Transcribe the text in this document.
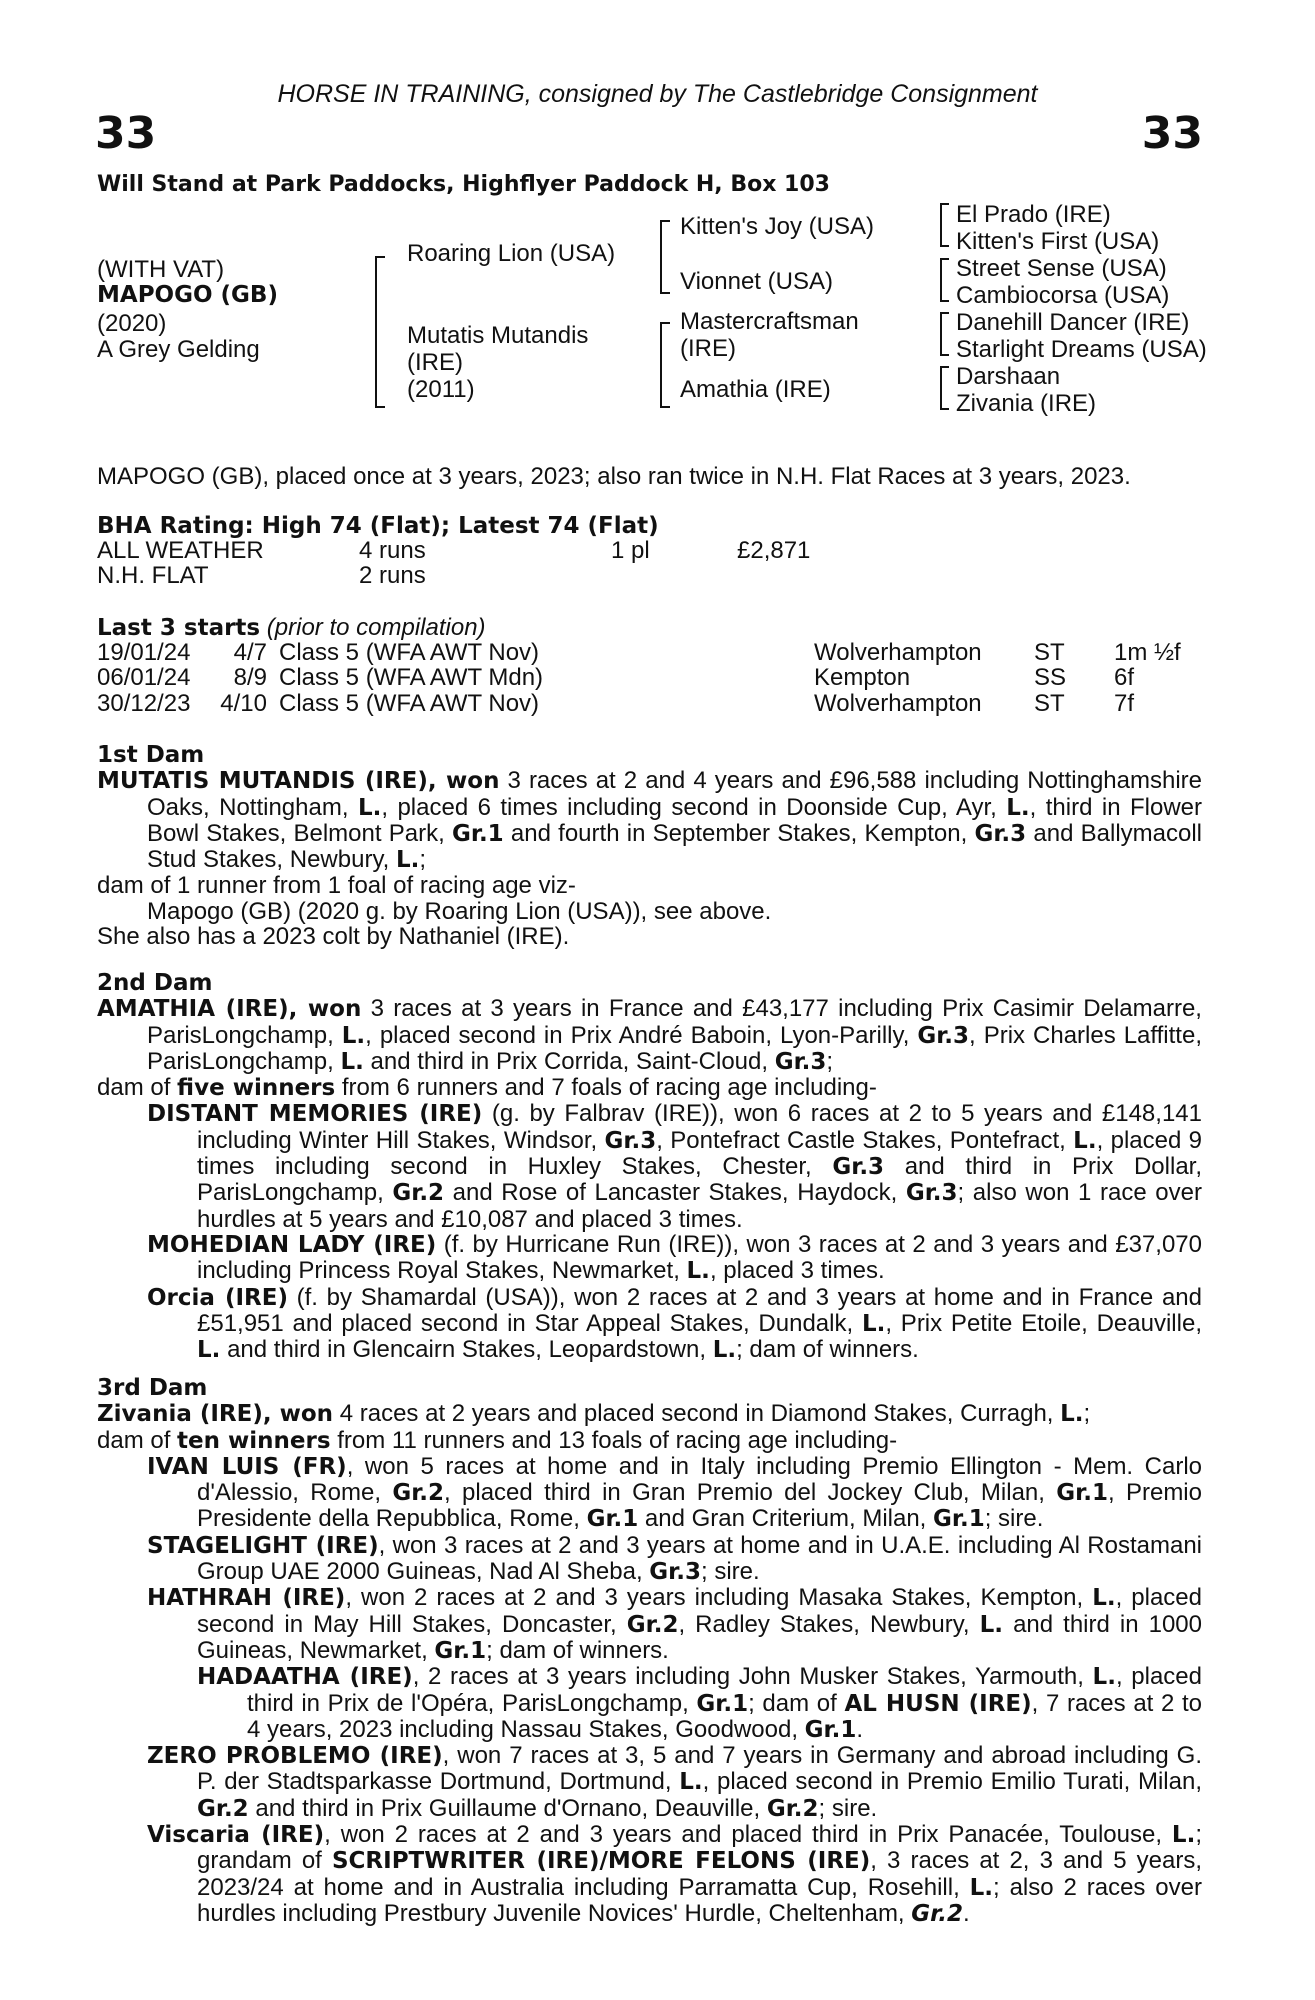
HORSE IN TRAINING, consigned by The Castlebridge Consignment
33	33
Will Stand at Park Paddocks, Highflyer Paddock H, Box 103
(WITH VAT)
MAPOGO (GB)
(2020)
A Grey Gelding
Roaring Lion (USA)
Mutatis Mutandis
(IRE)
(2011)
Kitten's Joy (USA)
Vionnet (USA)
Mastercraftsman
(IRE)
Amathia (IRE)
El Prado (IRE)
Kitten's First (USA)
Street Sense (USA)
Cambiocorsa (USA)
Danehill Dancer (IRE)
Starlight Dreams (USA)
Darshaan
Zivania (IRE)
MAPOGO (GB), placed once at 3 years, 2023; also ran twice in N.H. Flat Races at 3 years, 2023.
BHA Rating: High 74 (Flat); Latest 74 (Flat)
ALL WEATHER	4 runs	1 pl	£2,871
N.H. FLAT	2 runs		
Last 3 starts (prior to compilation)
19/01/24	4/7	Class 5 (WFA AWT Nov)	Wolverhampton	ST	1m ½f
06/01/24	8/9	Class 5 (WFA AWT Mdn)	Kempton	SS	6f
30/12/23	4/10	Class 5 (WFA AWT Nov)	Wolverhampton	ST	7f

1st Dam

MUTATIS MUTANDIS (IRE), won 3 races at 2 and 4 years and £96,588 including Nottinghamshire Oaks, Nottingham, L., placed 6 times including second in Doonside Cup, Ayr, L., third in Flower Bowl Stakes, Belmont Park, Gr.1 and fourth in September Stakes, Kempton, Gr.3 and Ballymacoll Stud Stakes, Newbury, L.;

dam of 1 runner from 1 foal of racing age viz-

Mapogo (GB) (2020 g. by Roaring Lion (USA)), see above.

She also has a 2023 colt by Nathaniel (IRE).

2nd Dam

AMATHIA (IRE), won 3 races at 3 years in France and £43,177 including Prix Casimir Delamarre, ParisLongchamp, L., placed second in Prix André Baboin, Lyon-Parilly, Gr.3, Prix Charles Laffitte, ParisLongchamp, L. and third in Prix Corrida, Saint-Cloud, Gr.3;

dam of five winners from 6 runners and 7 foals of racing age including-

DISTANT MEMORIES (IRE) (g. by Falbrav (IRE)), won 6 races at 2 to 5 years and £148,141 including Winter Hill Stakes, Windsor, Gr.3, Pontefract Castle Stakes, Pontefract, L., placed 9 times including second in Huxley Stakes, Chester, Gr.3 and third in Prix Dollar, ParisLongchamp, Gr.2 and Rose of Lancaster Stakes, Haydock, Gr.3; also won 1 race over hurdles at 5 years and £10,087 and placed 3 times.

MOHEDIAN LADY (IRE) (f. by Hurricane Run (IRE)), won 3 races at 2 and 3 years and £37,070 including Princess Royal Stakes, Newmarket, L., placed 3 times.

Orcia (IRE) (f. by Shamardal (USA)), won 2 races at 2 and 3 years at home and in France and £51,951 and placed second in Star Appeal Stakes, Dundalk, L., Prix Petite Etoile, Deauville, L. and third in Glencairn Stakes, Leopardstown, L.; dam of winners.

3rd Dam

Zivania (IRE), won 4 races at 2 years and placed second in Diamond Stakes, Curragh, L.;

dam of ten winners from 11 runners and 13 foals of racing age including-

IVAN LUIS (FR), won 5 races at home and in Italy including Premio Ellington - Mem. Carlo d'Alessio, Rome, Gr.2, placed third in Gran Premio del Jockey Club, Milan, Gr.1, Premio Presidente della Repubblica, Rome, Gr.1 and Gran Criterium, Milan, Gr.1; sire.

STAGELIGHT (IRE), won 3 races at 2 and 3 years at home and in U.A.E. including Al Rostamani Group UAE 2000 Guineas, Nad Al Sheba, Gr.3; sire.

HATHRAH (IRE), won 2 races at 2 and 3 years including Masaka Stakes, Kempton, L., placed second in May Hill Stakes, Doncaster, Gr.2, Radley Stakes, Newbury, L. and third in 1000 Guineas, Newmarket, Gr.1; dam of winners.

HADAATHA (IRE), 2 races at 3 years including John Musker Stakes, Yarmouth, L., placed third in Prix de l'Opéra, ParisLongchamp, Gr.1; dam of AL HUSN (IRE), 7 races at 2 to 4 years, 2023 including Nassau Stakes, Goodwood, Gr.1.

ZERO PROBLEMO (IRE), won 7 races at 3, 5 and 7 years in Germany and abroad including G. P. der Stadtsparkasse Dortmund, Dortmund, L., placed second in Premio Emilio Turati, Milan, Gr.2 and third in Prix Guillaume d'Ornano, Deauville, Gr.2; sire.

Viscaria (IRE), won 2 races at 2 and 3 years and placed third in Prix Panacée, Toulouse, L.; grandam of SCRIPTWRITER (IRE)/MORE FELONS (IRE), 3 races at 2, 3 and 5 years, 2023/24 at home and in Australia including Parramatta Cup, Rosehill, L.; also 2 races over hurdles including Prestbury Juvenile Novices' Hurdle, Cheltenham, Gr.2.
